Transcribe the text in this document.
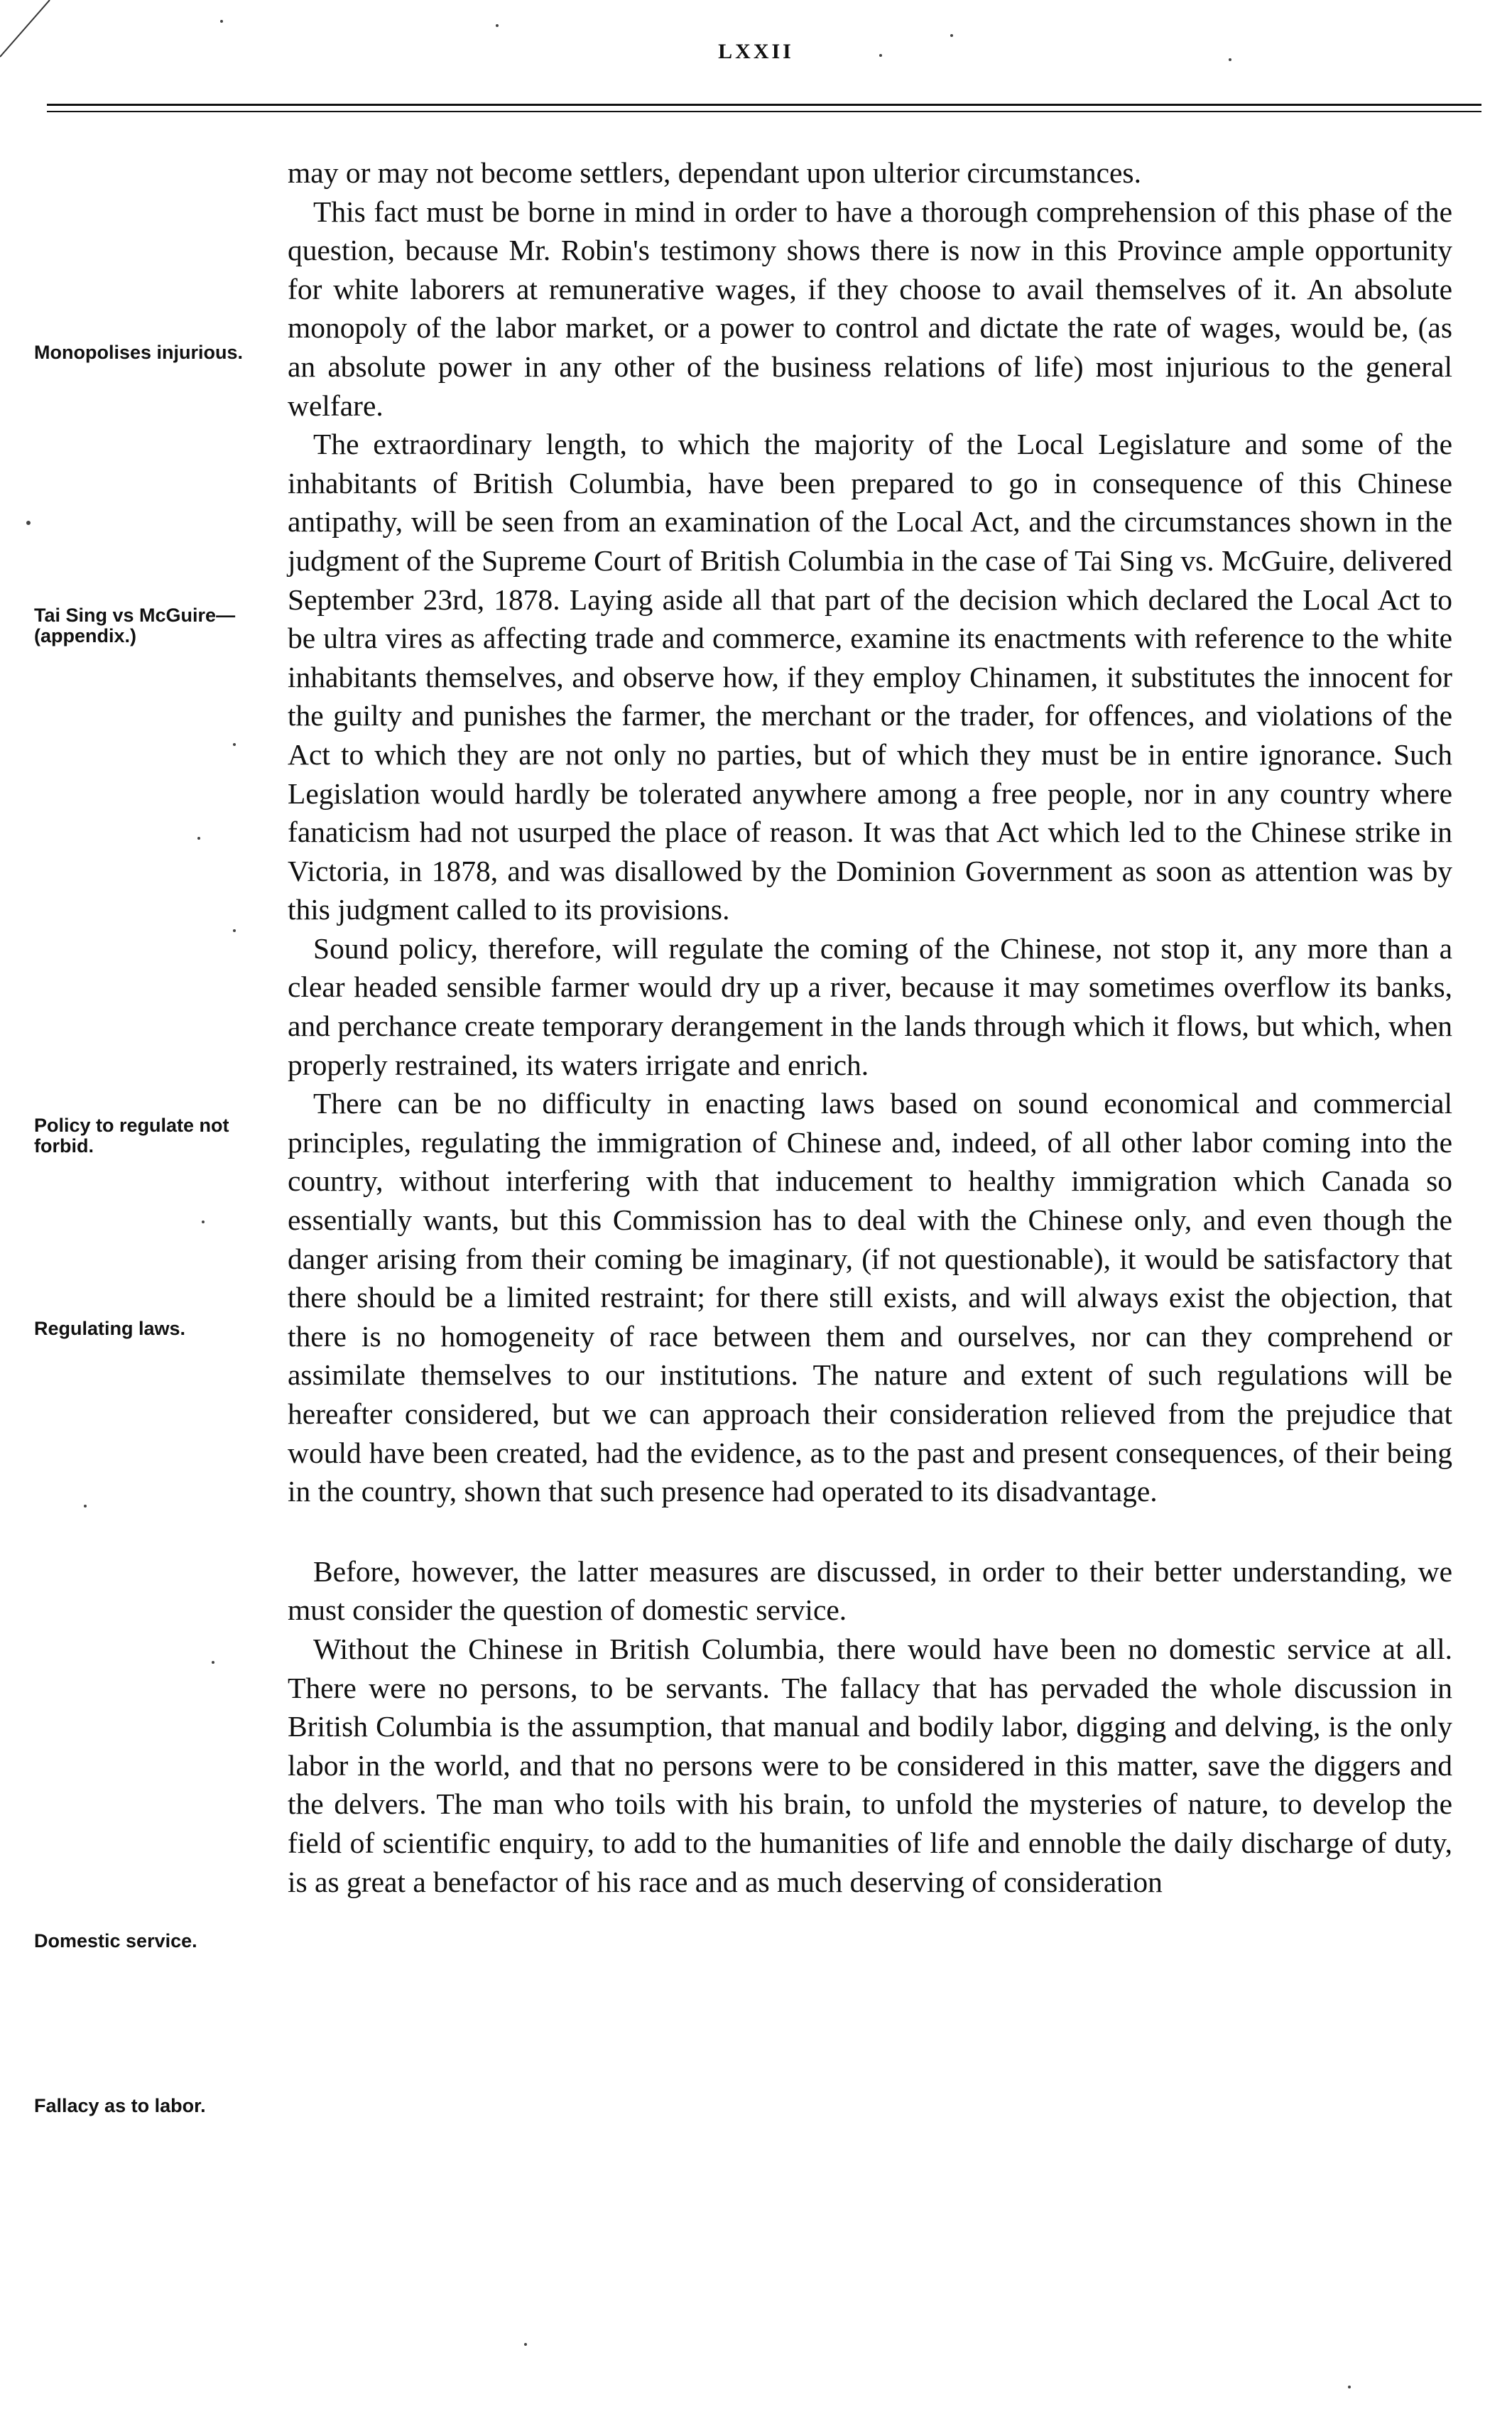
LXXII
Monopolises injurious.
Tai Sing vs McGuire— (appendix.)
Policy to regulate not forbid.
Regulating laws.
Domestic service.
Fallacy as to labor.

may or may not become settlers, dependant upon ulterior circumstances.

This fact must be borne in mind in order to have a thorough comprehension of this phase of the question, because Mr. Robin's testimony shows there is now in this Province ample opportunity for white laborers at remunerative wages, if they choose to avail themselves of it. An absolute monopoly of the labor market, or a power to control and dictate the rate of wages, would be, (as an absolute power in any other of the business relations of life) most injurious to the general welfare.

The extraordinary length, to which the majority of the Local Legislature and some of the inhabitants of British Columbia, have been prepared to go in consequence of this Chinese antipathy, will be seen from an examination of the Local Act, and the circumstances shown in the judgment of the Supreme Court of British Columbia in the case of Tai Sing vs. McGuire, delivered September 23rd, 1878. Laying aside all that part of the decision which declared the Local Act to be ultra vires as affecting trade and commerce, examine its enactments with reference to the white inhabitants themselves, and observe how, if they employ Chinamen, it substitutes the innocent for the guilty and punishes the farmer, the merchant or the trader, for offences, and violations of the Act to which they are not only no parties, but of which they must be in entire ignorance. Such Legislation would hardly be tolerated anywhere among a free people, nor in any country where fanaticism had not usurped the place of reason. It was that Act which led to the Chinese strike in Victoria, in 1878, and was disallowed by the Dominion Government as soon as attention was by this judgment called to its provisions.

Sound policy, therefore, will regulate the coming of the Chinese, not stop it, any more than a clear headed sensible farmer would dry up a river, because it may sometimes overflow its banks, and perchance create temporary derangement in the lands through which it flows, but which, when properly restrained, its waters irrigate and enrich.

There can be no difficulty in enacting laws based on sound economical and commercial principles, regulating the immigration of Chinese and, indeed, of all other labor coming into the country, without interfering with that inducement to healthy immigration which Canada so essentially wants, but this Commission has to deal with the Chinese only, and even though the danger arising from their coming be imaginary, (if not questionable), it would be satisfactory that there should be a limited restraint; for there still exists, and will always exist the objection, that there is no homogeneity of race between them and ourselves, nor can they comprehend or assimilate themselves to our institutions. The nature and extent of such regulations will be hereafter considered, but we can approach their consideration relieved from the prejudice that would have been created, had the evidence, as to the past and present consequences, of their being in the country, shown that such presence had operated to its disadvantage.

Before, however, the latter measures are discussed, in order to their better understanding, we must consider the question of domestic service.

Without the Chinese in British Columbia, there would have been no domestic service at all. There were no persons, to be servants. The fallacy that has pervaded the whole discussion in British Columbia is the assumption, that manual and bodily labor, digging and delving, is the only labor in the world, and that no persons were to be considered in this matter, save the diggers and the delvers. The man who toils with his brain, to unfold the mysteries of nature, to develop the field of scientific enquiry, to add to the humanities of life and ennoble the daily discharge of duty, is as great a benefactor of his race and as much deserving of consideration
